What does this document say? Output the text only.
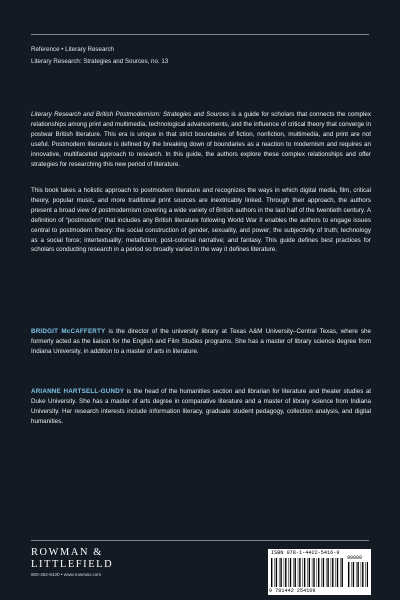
Reference • Literary Research
Literary Research: Strategies and Sources, no. 13
Literary Research and British Postmodernism: Strategies and Sources is a guide for scholars that connects the complex relationships among print and multimedia, technological advancements, and the influence of critical theory that converge in postwar British literature. This era is unique in that strict boundaries of fiction, nonfiction, multimedia, and print are not useful. Postmodern literature is defined by the breaking down of boundaries as a reaction to modernism and requires an innovative, multifaceted approach to research. In this guide, the authors explore these complex relationships and offer strategies for researching this new period of literature.
This book takes a holistic approach to postmodern literature and recognizes the ways in which digital media, film, critical theory, popular music, and more traditional print sources are inextricably linked. Through their approach, the authors present a broad view of postmodernism covering a wide variety of British authors in the last half of the twentieth century. A definition of “postmodern” that includes any British literature following World War II enables the authors to engage issues central to postmodern theory: the social construction of gender, sexuality, and power; the subjectivity of truth; technology as a social force; intertextuality; metafiction; post-colonial narrative; and fantasy. This guide defines best practices for scholars conducting research in a period so broadly varied in the way it defines literature.
BRIDGIT McCAFFERTY is the director of the university library at Texas A&M University–Central Texas, where she formerly acted as the liaison for the English and Film Studies programs. She has a master of library science degree from Indiana University, in addition to a master of arts in literature.
ARIANNE HARTSELL-GUNDY is the head of the humanities section and librarian for literature and theater studies at Duke University. She has a master of arts degree in comparative literature and a master of library science from Indiana University. Her research interests include information literacy, graduate student pedagogy, collection analysis, and digital humanities.
ROWMAN &
LITTLEFIELD
800-462-6420 • www.rowman.com
ISBN 978-1-4422-5416-9
90000
9 781442 254169
